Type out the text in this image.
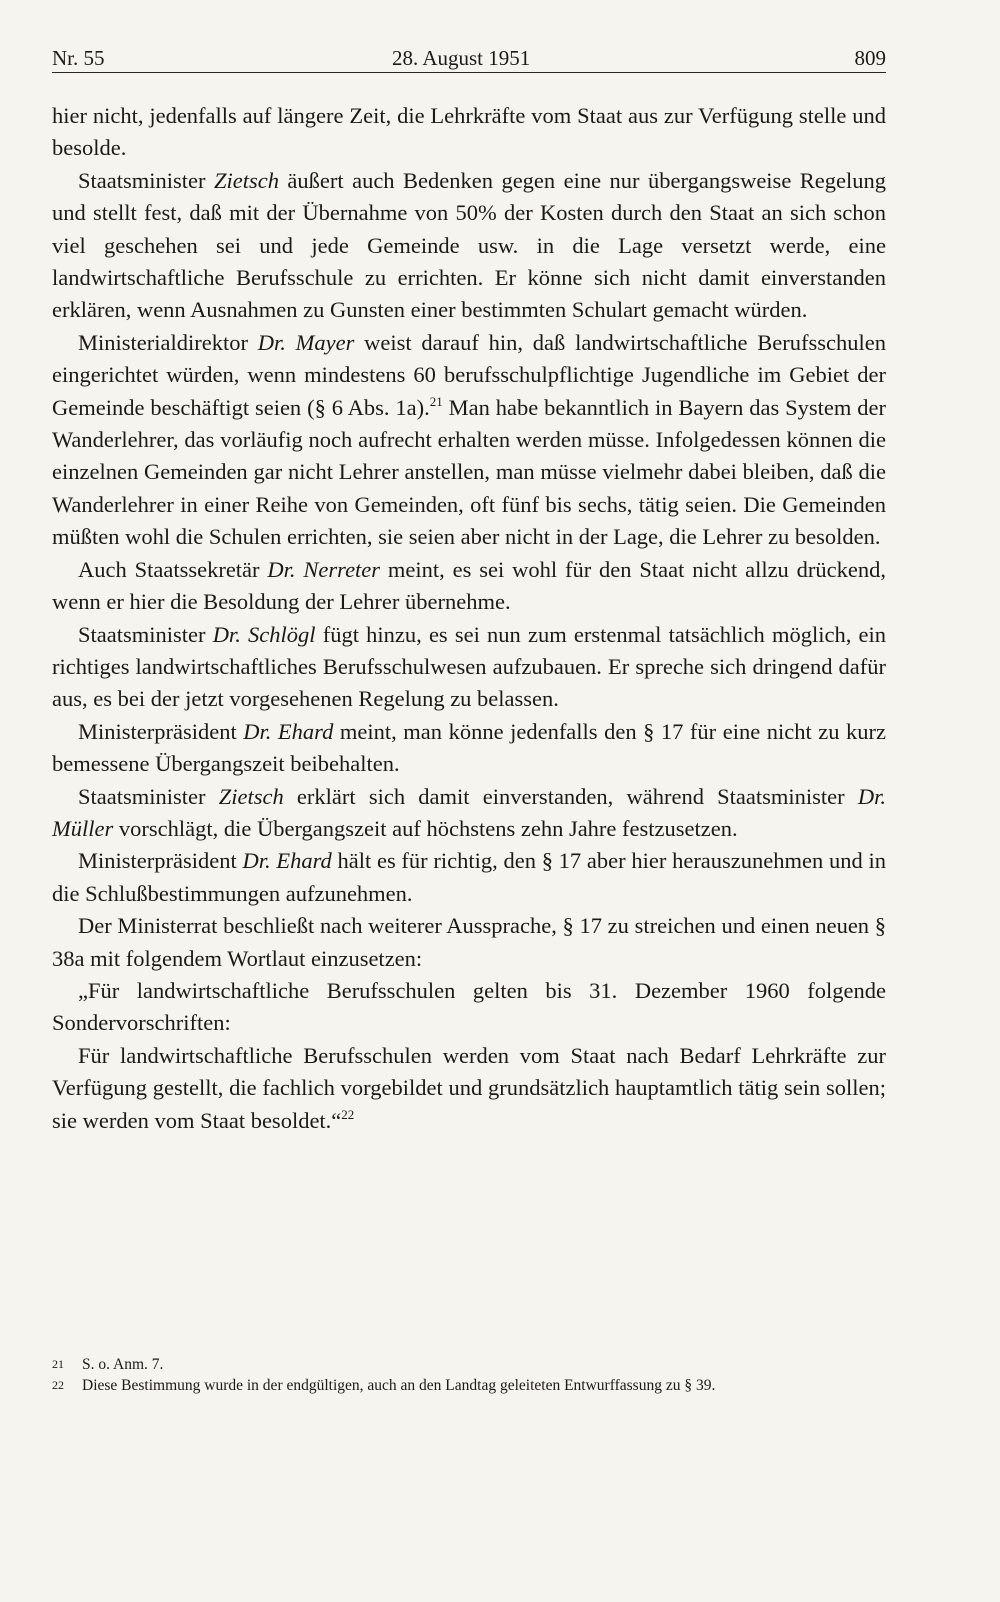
Nr. 55	28. August 1951	809

hier nicht, jedenfalls auf längere Zeit, die Lehrkräfte vom Staat aus zur Verfügung stelle und besolde.

Staatsminister Zietsch äußert auch Bedenken gegen eine nur übergangsweise Regelung und stellt fest, daß mit der Übernahme von 50% der Kosten durch den Staat an sich schon viel geschehen sei und jede Gemeinde usw. in die Lage versetzt werde, eine landwirtschaftliche Berufsschule zu errichten. Er könne sich nicht damit einverstanden erklären, wenn Ausnahmen zu Gunsten einer bestimmten Schulart gemacht würden.

Ministerialdirektor Dr. Mayer weist darauf hin, daß landwirtschaftliche Berufsschulen eingerichtet würden, wenn mindestens 60 berufsschulpflichtige Jugendliche im Gebiet der Gemeinde beschäftigt seien (§ 6 Abs. 1a).$^{21}$ Man habe bekanntlich in Bayern das System der Wanderlehrer, das vorläufig noch aufrecht erhalten werden müsse. Infolgedessen können die einzelnen Gemeinden gar nicht Lehrer anstellen, man müsse vielmehr dabei bleiben, daß die Wanderlehrer in einer Reihe von Gemeinden, oft fünf bis sechs, tätig seien. Die Gemeinden müßten wohl die Schulen errichten, sie seien aber nicht in der Lage, die Lehrer zu besolden.

Auch Staatssekretär Dr. Nerreter meint, es sei wohl für den Staat nicht allzu drückend, wenn er hier die Besoldung der Lehrer übernehme.

Staatsminister Dr. Schlögl fügt hinzu, es sei nun zum erstenmal tatsächlich möglich, ein richtiges landwirtschaftliches Berufsschulwesen aufzubauen. Er spreche sich dringend dafür aus, es bei der jetzt vorgesehenen Regelung zu belassen.

Ministerpräsident Dr. Ehard meint, man könne jedenfalls den § 17 für eine nicht zu kurz bemessene Übergangszeit beibehalten.

Staatsminister Zietsch erklärt sich damit einverstanden, während Staatsminister Dr. Müller vorschlägt, die Übergangszeit auf höchstens zehn Jahre festzusetzen.

Ministerpräsident Dr. Ehard hält es für richtig, den § 17 aber hier herauszunehmen und in die Schlußbestimmungen aufzunehmen.

Der Ministerrat beschließt nach weiterer Aussprache, § 17 zu streichen und einen neuen § 38a mit folgendem Wortlaut einzusetzen:

„Für landwirtschaftliche Berufsschulen gelten bis 31. Dezember 1960 folgende Sondervorschriften:

Für landwirtschaftliche Berufsschulen werden vom Staat nach Bedarf Lehrkräfte zur Verfügung gestellt, die fachlich vorgebildet und grundsätzlich hauptamtlich tätig sein sollen; sie werden vom Staat besoldet.“$^{22}$

21 S. o. Anm. 7.
22 Diese Bestimmung wurde in der endgültigen, auch an den Landtag geleiteten Entwurffassung zu § 39.
